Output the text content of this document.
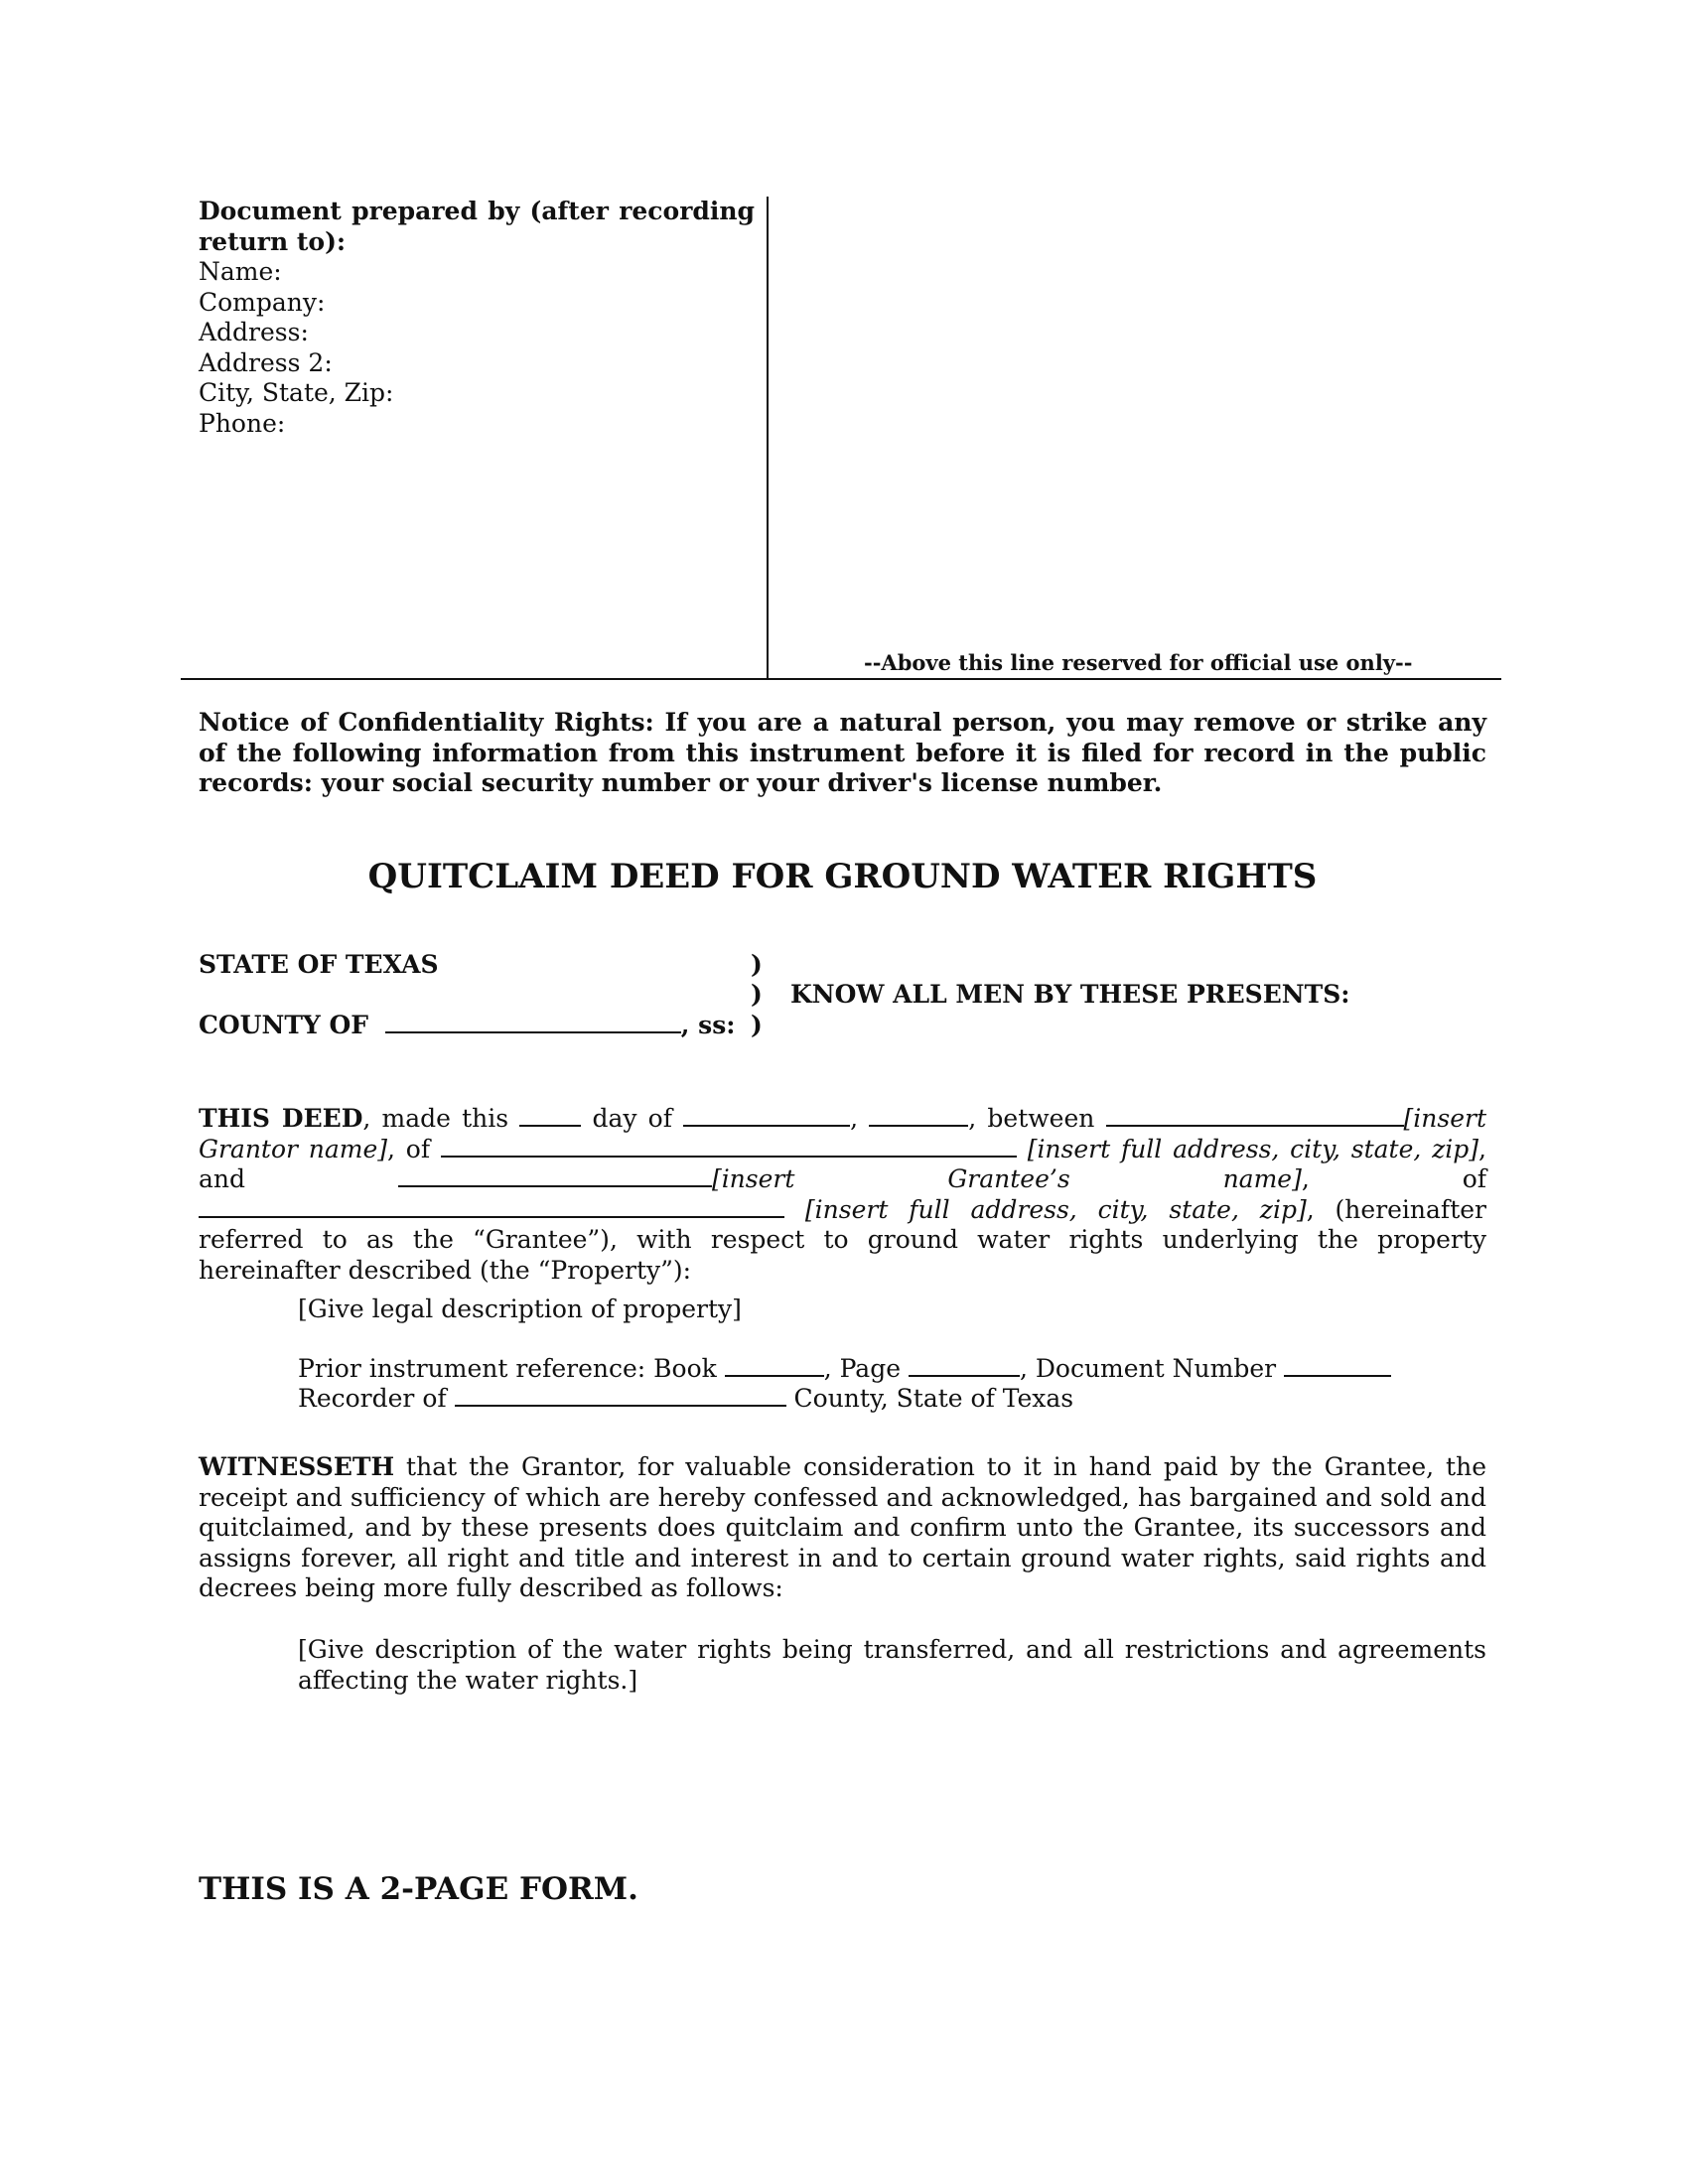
Document prepared by (after recording return to):
Name:
Company:
Address:
Address 2:
City, State, Zip:
Phone:
--Above this line reserved for official use only--
Notice of Confidentiality Rights: If you are a natural person, you may remove or strike any of the following information from this instrument before it is filed for record in the public records: your social security number or your driver's license number.
QUITCLAIM DEED FOR GROUND WATER RIGHTS
STATE OF TEXAS
COUNTY OF	, ss:
)
)
)
KNOW ALL MEN BY THESE PRESENTS:
THIS DEED, made this	day of	,	, between	[insert Grantor name], of	[insert full address, city, state, zip], and	[insert Grantee’s name], of  [insert full address, city, state, zip], (hereinafter referred to as the “Grantee”), with respect to ground water rights underlying the property hereinafter described (the “Property”):
[Give legal description of property]
Prior instrument reference: Book	, Page	, Document Number
Recorder of	County, State of Texas
WITNESSETH that the Grantor, for valuable consideration to it in hand paid by the Grantee, the receipt and sufficiency of which are hereby confessed and acknowledged, has bargained and sold and quitclaimed, and by these presents does quitclaim and confirm unto the Grantee, its successors and assigns forever, all right and title and interest in and to certain ground water rights, said rights and decrees being more fully described as follows:
[Give description of the water rights being transferred, and all restrictions and agreements affecting the water rights.]
THIS IS A 2-PAGE FORM.
